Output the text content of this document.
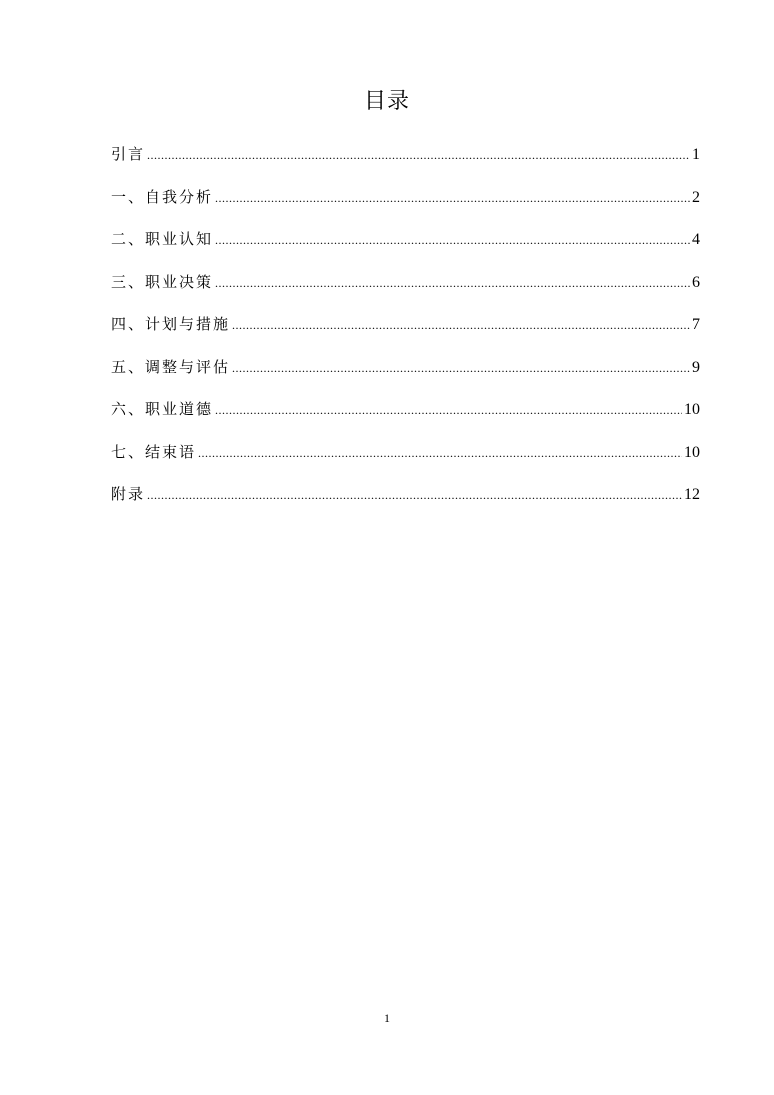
目录
引言 .....	1
一、自我分析 .....	2
二、职业认知 .....	4
三、职业决策 .....	6
四、计划与措施 .....	7
五、调整与评估 .....	9
六、职业道德 .....	10
七、结束语 .....	10
附录 .....	12
1
